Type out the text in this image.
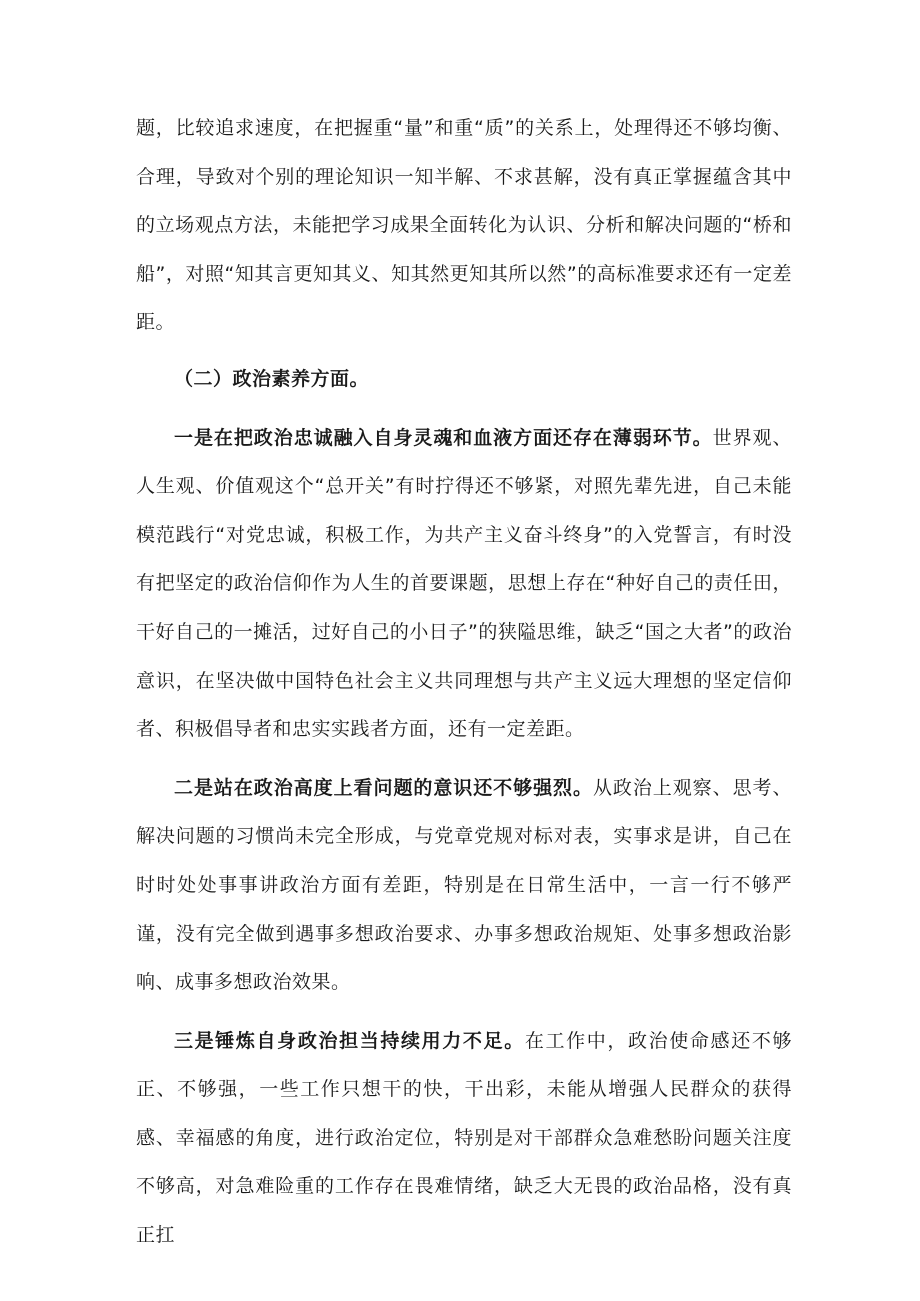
题，比较追求速度，在把握重“量”和重“质”的关系上，处理得还不够均衡、合理，导致对个别的理论知识一知半解、不求甚解，没有真正掌握蕴含其中的立场观点方法，未能把学习成果全面转化为认识、分析和解决问题的“桥和船”，对照“知其言更知其义、知其然更知其所以然”的高标准要求还有一定差距。

（二）政治素养方面。

一是在把政治忠诚融入自身灵魂和血液方面还存在薄弱环节。世界观、人生观、价值观这个“总开关”有时拧得还不够紧，对照先辈先进，自己未能模范践行“对党忠诚，积极工作，为共产主义奋斗终身”的入党誓言，有时没有把坚定的政治信仰作为人生的首要课题，思想上存在“种好自己的责任田，干好自己的一摊活，过好自己的小日子”的狭隘思维，缺乏“国之大者”的政治意识，在坚决做中国特色社会主义共同理想与共产主义远大理想的坚定信仰者、积极倡导者和忠实实践者方面，还有一定差距。

二是站在政治高度上看问题的意识还不够强烈。从政治上观察、思考、解决问题的习惯尚未完全形成，与党章党规对标对表，实事求是讲，自己在时时处处事事讲政治方面有差距，特别是在日常生活中，一言一行不够严谨，没有完全做到遇事多想政治要求、办事多想政治规矩、处事多想政治影响、成事多想政治效果。

三是锤炼自身政治担当持续用力不足。在工作中，政治使命感还不够正、不够强，一些工作只想干的快，干出彩，未能从增强人民群众的获得感、幸福感的角度，进行政治定位，特别是对干部群众急难愁盼问题关注度不够高，对急难险重的工作存在畏难情绪，缺乏大无畏的政治品格，没有真正扛
